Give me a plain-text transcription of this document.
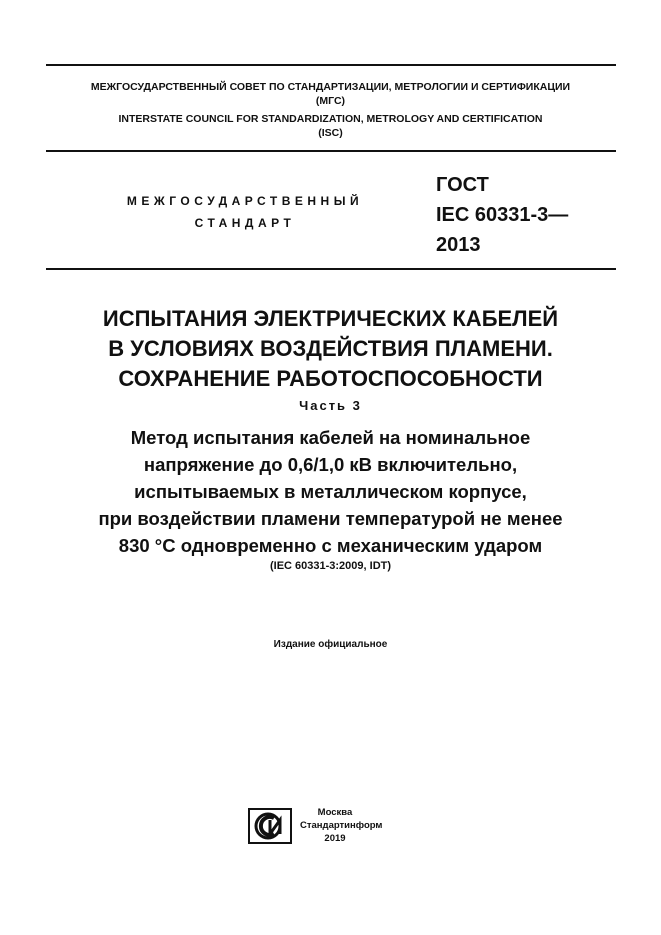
МЕЖГОСУДАРСТВЕННЫЙ СОВЕТ ПО СТАНДАРТИЗАЦИИ, МЕТРОЛОГИИ И СЕРТИФИКАЦИИ
(МГС)
INTERSTATE COUNCIL FOR STANDARDIZATION, METROLOGY AND CERTIFICATION
(ISC)
МЕЖГОСУДАРСТВЕННЫЙ
СТАНДАРТ
ГОСТ
IEC 60331-3—
2013
ИСПЫТАНИЯ ЭЛЕКТРИЧЕСКИХ КАБЕЛЕЙ
В УСЛОВИЯХ ВОЗДЕЙСТВИЯ ПЛАМЕНИ.
СОХРАНЕНИЕ РАБОТОСПОСОБНОСТИ
Часть 3
Метод испытания кабелей на номинальное
напряжение до 0,6/1,0 кВ включительно,
испытываемых в металлическом корпусе,
при воздействии пламени температурой не менее
830 °С одновременно с механическим ударом
(IEC 60331-3:2009, IDT)
Издание официальное
Москва
Стандартинформ
2019
